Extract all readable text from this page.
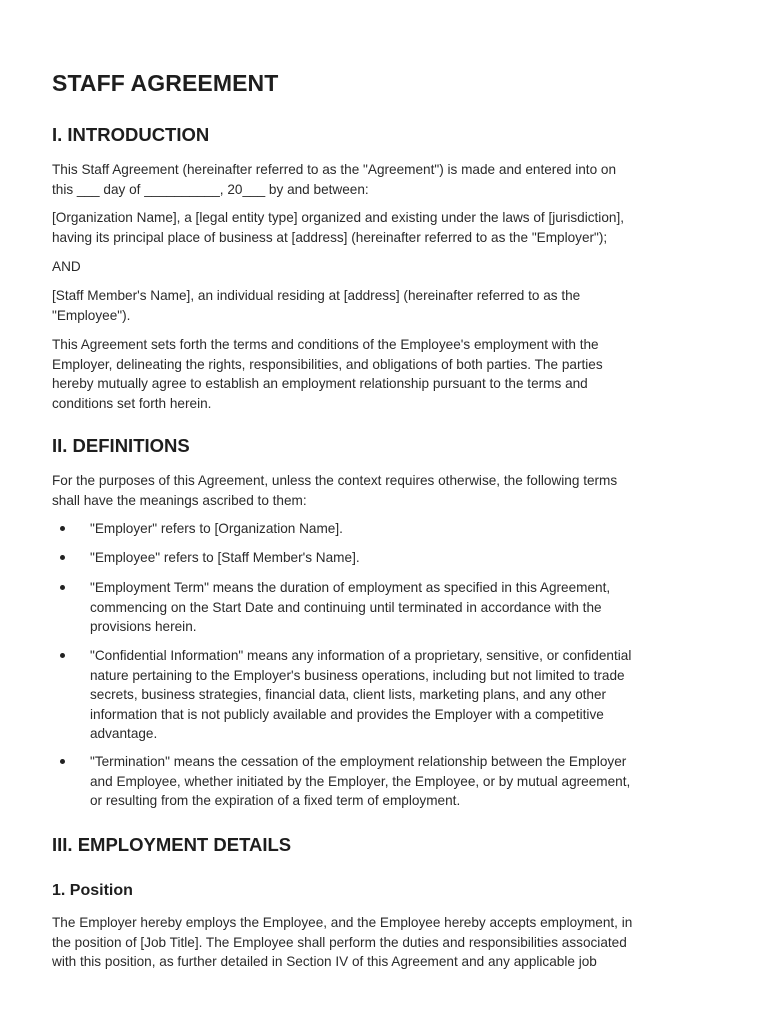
STAFF AGREEMENT
I. INTRODUCTION
This Staff Agreement (hereinafter referred to as the "Agreement") is made and entered into on
this ___ day of __________, 20___ by and between:
[Organization Name], a [legal entity type] organized and existing under the laws of [jurisdiction],
having its principal place of business at [address] (hereinafter referred to as the "Employer");
AND
[Staff Member's Name], an individual residing at [address] (hereinafter referred to as the
"Employee").
This Agreement sets forth the terms and conditions of the Employee's employment with the
Employer, delineating the rights, responsibilities, and obligations of both parties. The parties
hereby mutually agree to establish an employment relationship pursuant to the terms and
conditions set forth herein.
II. DEFINITIONS
For the purposes of this Agreement, unless the context requires otherwise, the following terms
shall have the meanings ascribed to them:
"Employer" refers to [Organization Name].
"Employee" refers to [Staff Member's Name].
"Employment Term" means the duration of employment as specified in this Agreement,
commencing on the Start Date and continuing until terminated in accordance with the
provisions herein.
"Confidential Information" means any information of a proprietary, sensitive, or confidential
nature pertaining to the Employer's business operations, including but not limited to trade
secrets, business strategies, financial data, client lists, marketing plans, and any other
information that is not publicly available and provides the Employer with a competitive
advantage.
"Termination" means the cessation of the employment relationship between the Employer
and Employee, whether initiated by the Employer, the Employee, or by mutual agreement,
or resulting from the expiration of a fixed term of employment.
III. EMPLOYMENT DETAILS
1. Position
The Employer hereby employs the Employee, and the Employee hereby accepts employment, in
the position of [Job Title]. The Employee shall perform the duties and responsibilities associated
with this position, as further detailed in Section IV of this Agreement and any applicable job
